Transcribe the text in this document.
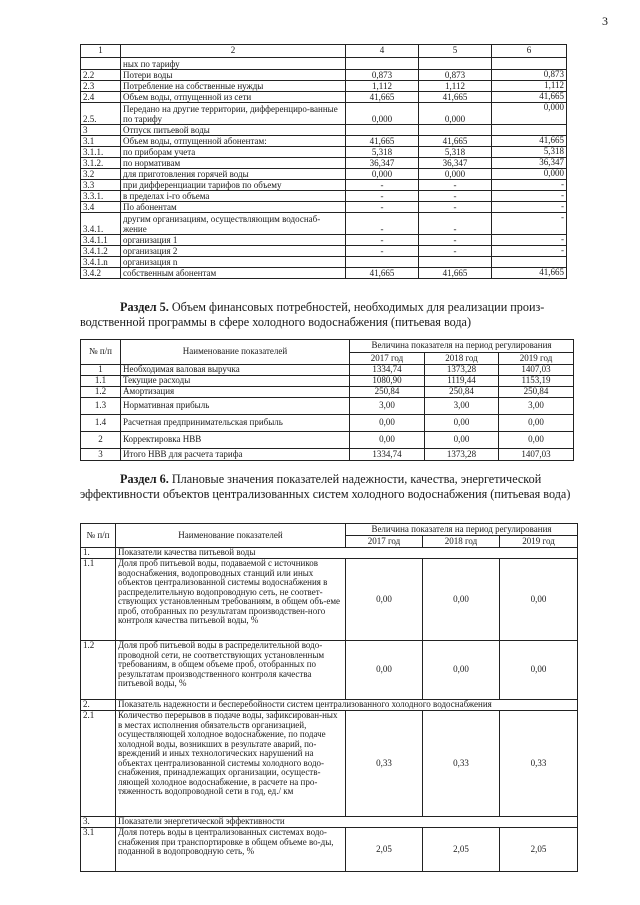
3
1	2	4	5	6
	ных по тарифу			
2.2	Потери воды	0,873	0,873	0,873
2.3	Потребление на собственные нужды	1,112	1,112	1,112
2.4	Объем воды, отпущенной из сети	41,665	41,665	41,665
2.5.	Передано на другие территории, дифференциро-ванные по тарифу	0,000	0,000	0,000
3	Отпуск питьевой воды			
3.1	Объем воды, отпущенной абонентам:	41,665	41,665	41,665
3.1.1.	по приборам учета	5,318	5,318	5,318
3.1.2.	по нормативам	36,347	36,347	36,347
3.2	для приготовления горячей воды	0,000	0,000	0,000
3.3	при дифференциации тарифов по объему	-	-	-
3.3.1.	в пределах i-го объема	-	-	-
3.4	По абонентам	-	-	-
3.4.1.	другим организациям, осуществляющим водоснаб-жение	-	-	-
3.4.1.1	организация 1	-	-	-
3.4.1.2	организация 2	-	-	-
3.4.1.n	организация n			
3.4.2	собственным абонентам	41,665	41,665	41,665
Раздел 5. Объем финансовых потребностей, необходимых для реализации произ-водственной программы в сфере холодного водоснабжения (питьевая вода)
№ п/п	Наименование показателей	Величина показателя на период регулирования		
		2017 год	2018 год	2019 год
1	Необходимая валовая выручка	1334,74	1373,28	1407,03
1.1	Текущие расходы	1080,90	1119,44	1153,19
1.2	Амортизация	250,84	250,84	250,84
1.3	Нормативная прибыль	3,00	3,00	3,00
1.4	Расчетная предпринимательская прибыль	0,00	0,00	0,00
2	Корректировка НВВ	0,00	0,00	0,00
3	Итого НВВ для расчета тарифа	1334,74	1373,28	1407,03
Раздел 6. Плановые значения показателей надежности, качества, энергетической эффективности объектов централизованных систем холодного водоснабжения (питьевая вода)
№ п/п	Наименование показателей	Величина показателя на период регулирования		
		2017 год	2018 год	2019 год
1.	Показатели качества питьевой воды			
1.1	Доля проб питьевой воды, подаваемой с источников водоснабжения, водопроводных станций или иных объектов централизованной системы водоснабжения в распределительную водопроводную сеть, не соответ-ствующих установленным требованиям, в общем объ-еме проб, отобранных по результатам производствен-ного контроля качества питьевой воды, %	0,00	0,00	0,00
1.2	Доля проб питьевой воды в распределительной водо-проводной сети, не соответствующих установленным требованиям, в общем объеме проб, отобранных по результатам производственного контроля качества питьевой воды, %	0,00	0,00	0,00
2.	Показатель надежности и бесперебойности систем централизованного холодного водоснабжения			
2.1	Количество перерывов в подаче воды, зафиксирован-ных в местах исполнения обязательств организацией, осуществляющей холодное водоснабжение, по подаче холодной воды, возникших в результате аварий, по-вреждений и иных технологических нарушений на объектах централизованной системы холодного водо-снабжения, принадлежащих организации, осуществ-ляющей холодное водоснабжение, в расчете на про-тяженность водопроводной сети в год, ед./ км	0,33	0,33	0,33
3.	Показатели энергетической эффективности			
3.1	Доля потерь воды в централизованных системах водо-снабжения при транспортировке в общем объеме во-ды, поданной в водопроводную сеть, %	2,05	2,05	2,05
